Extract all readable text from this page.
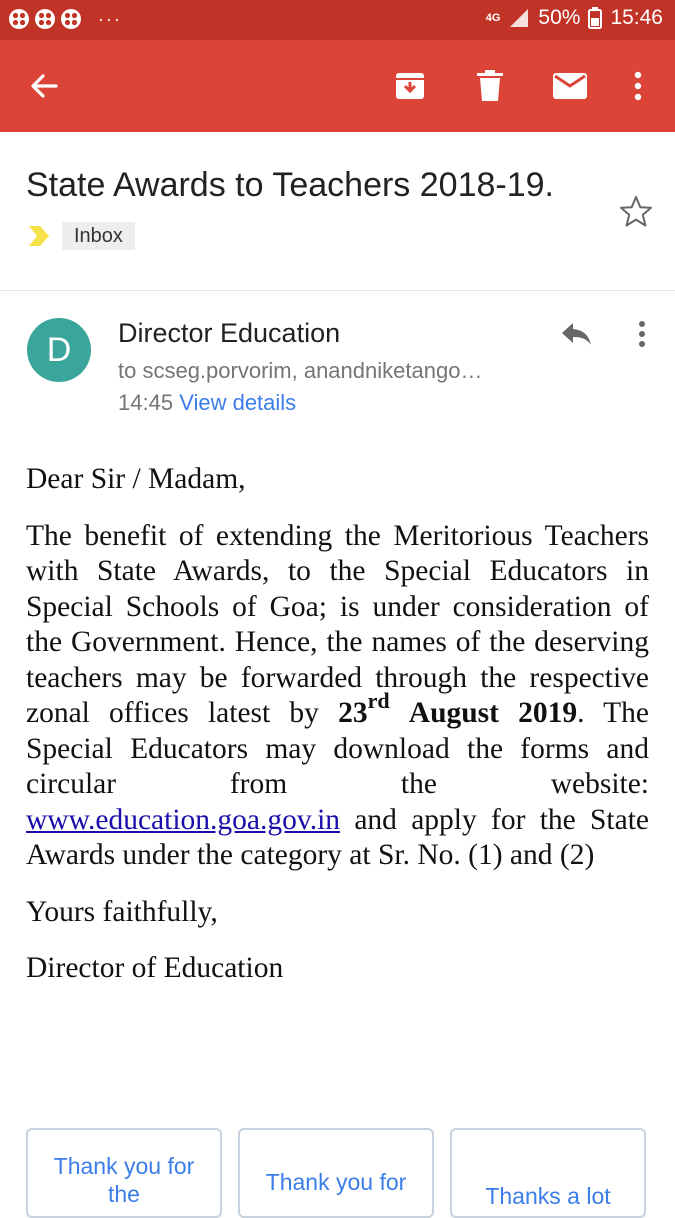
···	4G 50% 15:46
State Awards to Teachers 2018-19.
Inbox
D	Director Education
to scseg.porvorim, anandniketango…
14:45 View details

Dear Sir / Madam,

The benefit of extending the Meritorious Teachers with State Awards, to the Special Educators in Special Schools of Goa; is under consideration of the Government. Hence, the names of the deserving teachers may be forwarded through the respective zonal offices latest by 23rd August 2019. The Special Educators may download the forms and circular from the website: www.education.goa.gov.in and apply for the State Awards under the category at Sr. No. (1) and (2)

Yours faithfully,

Director of Education

Thank you for the	Thank you for
Thanks a lot
